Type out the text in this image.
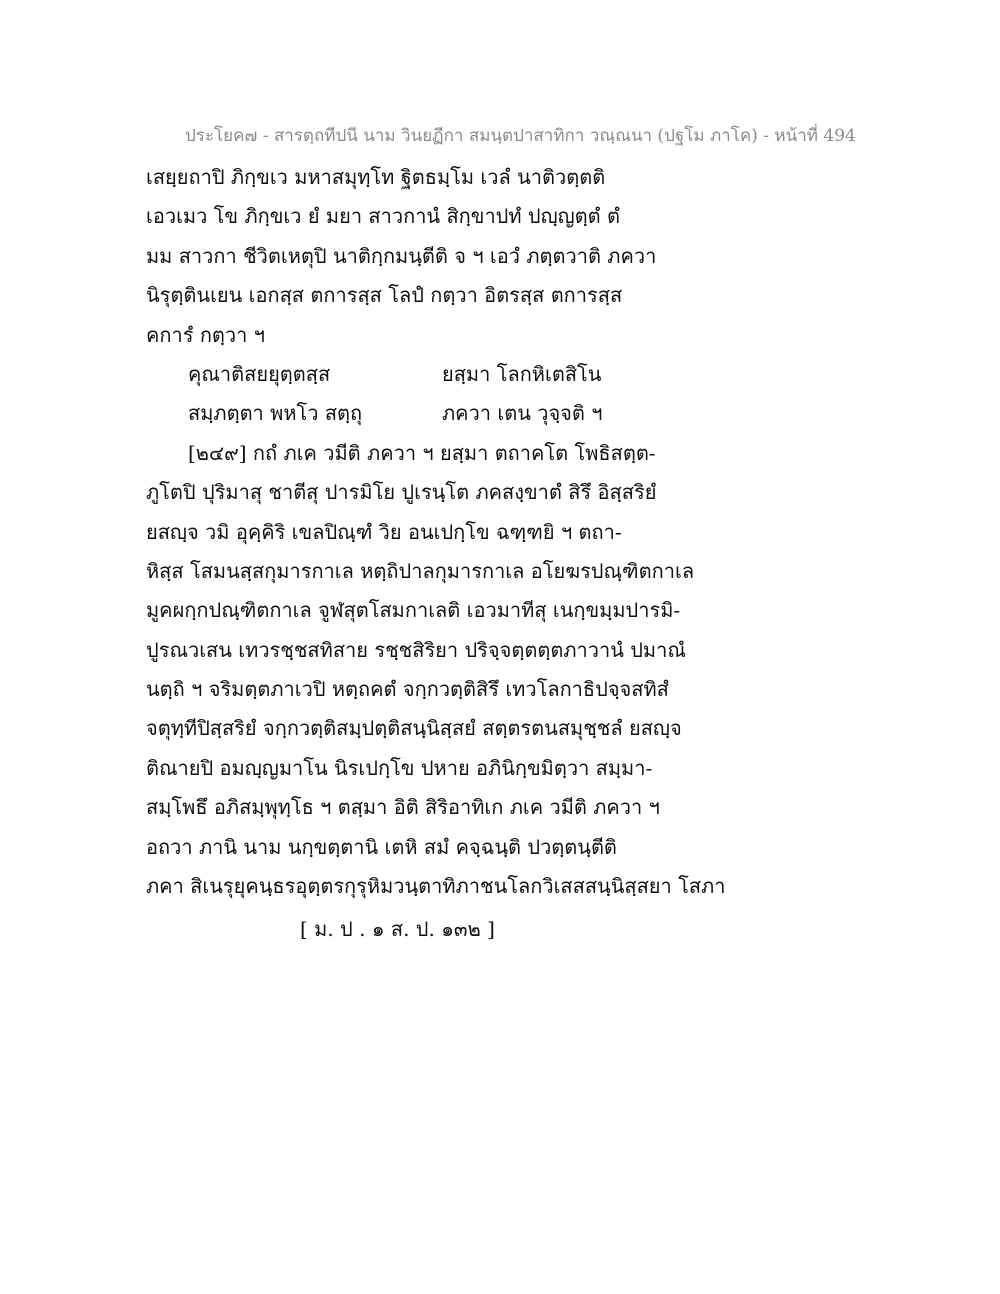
ประโยค๗ - สารตฺถทีปนี นาม วินยฏีกา สมนฺตปาสาทิกา วณฺณนา (ปฐโม ภาโค) - หน้าที่ 494
เสยฺยถาปิ ภิกฺขเว มหาสมุทฺโท ฐิตธมฺโม เวลํ นาติวตฺตติ
เอวเมว โข ภิกฺขเว ยํ มยา สาวกานํ สิกฺขาปทํ ปญฺญตฺตํ ตํ
มม สาวกา ชีวิตเหตุปิ นาติกฺกมนฺตีติ จ ฯ เอวํ ภตฺตวาติ ภควา
นิรุตฺตินเยน เอกสฺส ตการสฺส โลปํ กตฺวา อิตรสฺส ตการสฺส
คการํ กตฺวา ฯ
คุณาติสยยุตฺตสฺส	ยสฺมา โลกหิเตสิโน
สมฺภตฺตา พหโว สตฺถุ	ภควา เตน วุจฺจติ ฯ
[๒๔๙] กถํ ภเค วมีติ ภควา ฯ ยสฺมา ตถาคโต โพธิสตฺต-
ภูโตปิ ปุริมาสุ ชาตีสุ ปารมิโย ปูเรนฺโต ภคสงฺขาตํ สิรึ อิสฺสริยํ
ยสญฺจ วมิ อุคฺคิริ เขลปิณฺฑํ วิย อนเปกฺโข ฉฑฺฑยิ ฯ ตถา-
หิสฺส โสมนสฺสกุมารกาเล หตฺถิปาลกุมารกาเล อโยฆรปณฺฑิตกาเล
มูคผกฺกปณฺฑิตกาเล จูฬสุตโสมกาเลติ เอวมาทีสุ เนกฺขมฺมปารมิ-
ปูรณวเสน เทวรชฺชสทิสาย รชฺชสิริยา ปริจฺจตฺตตฺตภาวานํ ปมาณํ
นตฺถิ ฯ จริมตฺตภาเวปิ หตฺถคตํ จกฺกวตฺติสิรึ เทวโลกาธิปจฺจสทิสํ
จตุทฺทีปิสฺสริยํ จกฺกวตฺติสมฺปตฺติสนฺนิสฺสยํ สตฺตรตนสมุชฺชลํ ยสญฺจ
ติณายปิ อมญฺญมาโน นิรเปกฺโข ปหาย อภินิกฺขมิตฺวา สมฺมา-
สมฺโพธึ อภิสมฺพุทฺโธ ฯ ตสฺมา อิติ สิริอาทิเก ภเค วมีติ ภควา ฯ
อถวา ภานิ นาม นกฺขตฺตานิ เตหิ สมํ คจฺฉนฺติ ปวตฺตนฺตีติ
ภคา สิเนรุยุคนฺธรอุตฺตรกุรุหิมวนฺตาทิภาชนโลกวิเสสสนฺนิสฺสยา โสภา
[ ม. ป . ๑ ส. ป. ๑๓๒ ]
